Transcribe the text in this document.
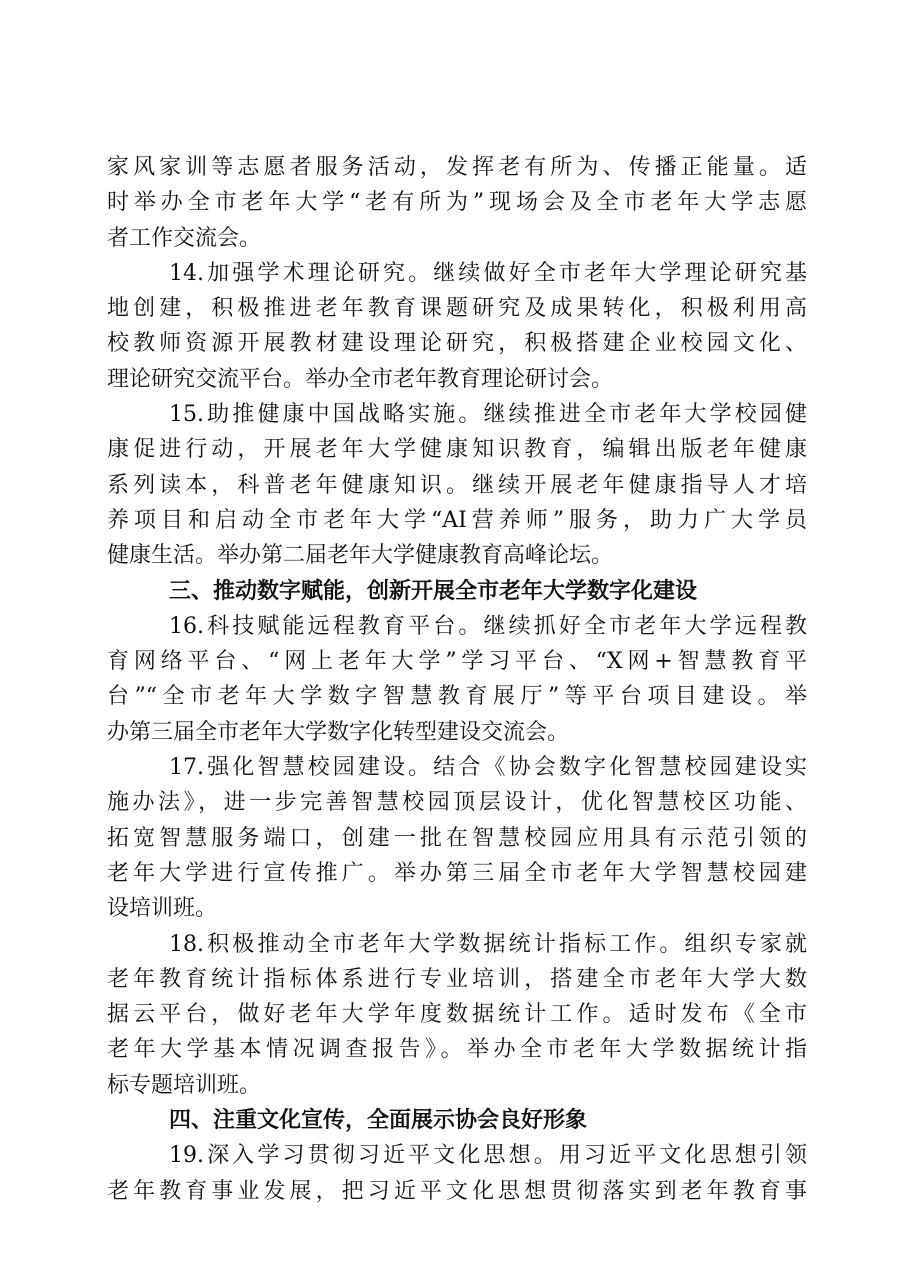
家风家训等志愿者服务活动，发挥老有所为、传播正能量。适
时举办全市老年大学“老有所为”现场会及全市老年大学志愿
者工作交流会。
14.加强学术理论研究。继续做好全市老年大学理论研究基
地创建，积极推进老年教育课题研究及成果转化，积极利用高
校教师资源开展教材建设理论研究，积极搭建企业校园文化、
理论研究交流平台。举办全市老年教育理论研讨会。
15.助推健康中国战略实施。继续推进全市老年大学校园健
康促进行动，开展老年大学健康知识教育，编辑出版老年健康
系列读本，科普老年健康知识。继续开展老年健康指导人才培
养项目和启动全市老年大学“AI营养师”服务，助力广大学员
健康生活。举办第二届老年大学健康教育高峰论坛。
三、推动数字赋能，创新开展全市老年大学数字化建设
16.科技赋能远程教育平台。继续抓好全市老年大学远程教
育网络平台、“网上老年大学”学习平台、“X网+智慧教育平
台”“全市老年大学数字智慧教育展厅”等平台项目建设。举
办第三届全市老年大学数字化转型建设交流会。
17.强化智慧校园建设。结合《协会数字化智慧校园建设实
施办法》，进一步完善智慧校园顶层设计，优化智慧校区功能、
拓宽智慧服务端口，创建一批在智慧校园应用具有示范引领的
老年大学进行宣传推广。举办第三届全市老年大学智慧校园建
设培训班。
18.积极推动全市老年大学数据统计指标工作。组织专家就
老年教育统计指标体系进行专业培训，搭建全市老年大学大数
据云平台，做好老年大学年度数据统计工作。适时发布《全市
老年大学基本情况调查报告》。举办全市老年大学数据统计指
标专题培训班。
四、注重文化宣传，全面展示协会良好形象
19.深入学习贯彻习近平文化思想。用习近平文化思想引领
老年教育事业发展，把习近平文化思想贯彻落实到老年教育事
